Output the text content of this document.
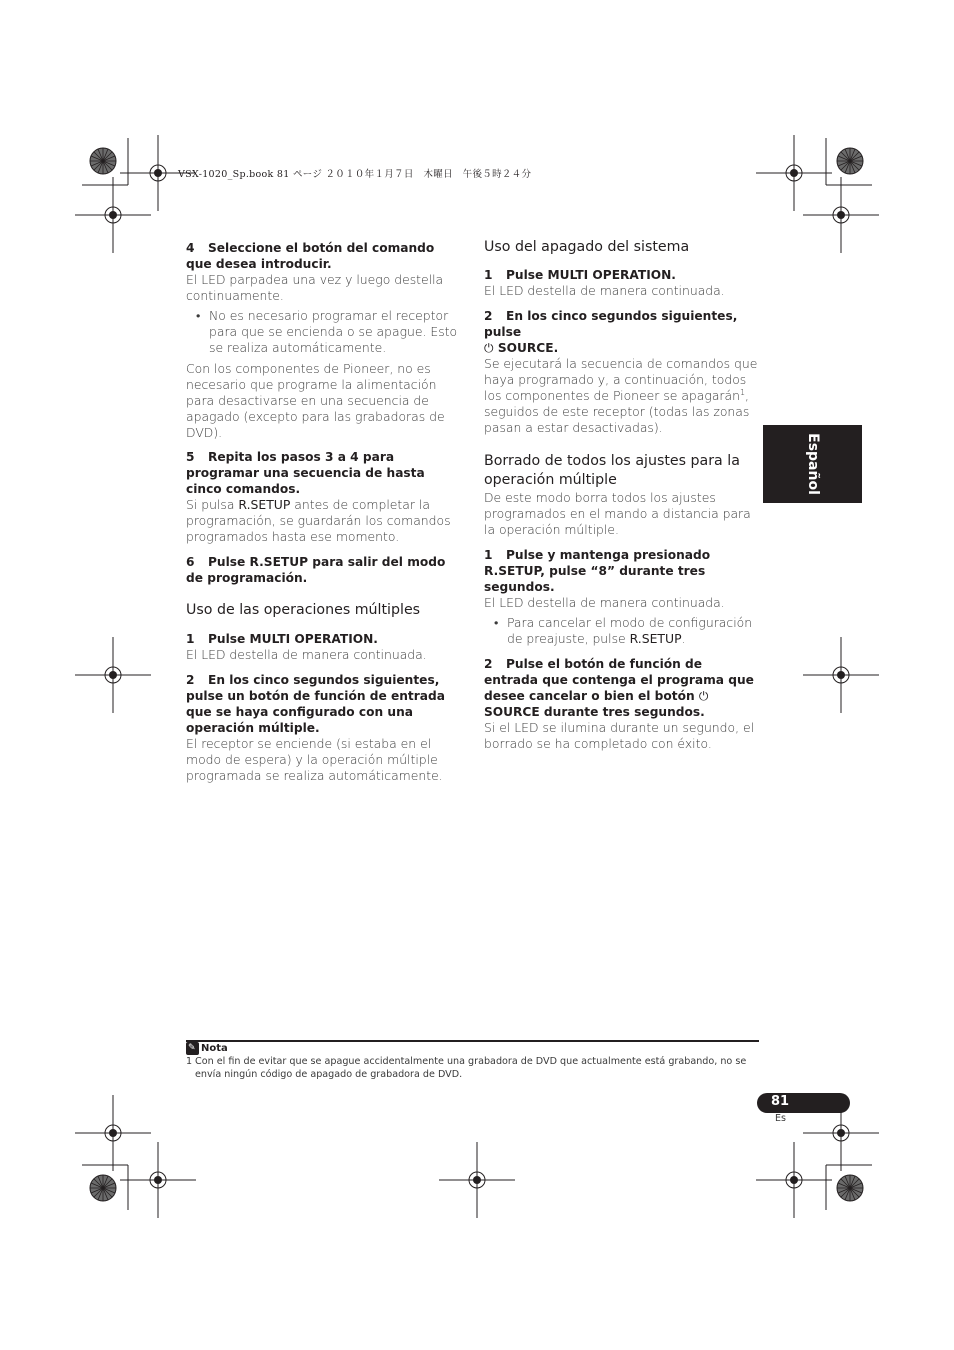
VSX-1020_Sp.book 81 ページ ２０１０年１月７日　木曜日　午後５時２４分

4 Seleccione el botón del comando que desea introducir.

El LED parpadea una vez y luego destella continuamente.

• No es necesario programar el receptor para que se encienda o se apague. Esto se realiza automáticamente.

Con los componentes de Pioneer, no es necesario que programe la alimentación para desactivarse en una secuencia de apagado (excepto para las grabadoras de DVD).

5 Repita los pasos 3 a 4 para programar una secuencia de hasta cinco comandos.

Si pulsa R.SETUP antes de completar la programación, se guardarán los comandos programados hasta ese momento.

6 Pulse R.SETUP para salir del modo de programación.

Uso de las operaciones múltiples

1 Pulse MULTI OPERATION.

El LED destella de manera continuada.

2 En los cinco segundos siguientes, pulse un botón de función de entrada que se haya configurado con una operación múltiple.

El receptor se enciende (si estaba en el modo de espera) y la operación múltiple programada se realiza automáticamente.

Uso del apagado del sistema

1 Pulse MULTI OPERATION.

El LED destella de manera continuada.

2 En los cinco segundos siguientes, pulse
⏻ SOURCE.

Se ejecutará la secuencia de comandos que haya programado y, a continuación, todos los componentes de Pioneer se apagarán$^1$, seguidos de este receptor (todas las zonas pasan a estar desactivadas).

Borrado de todos los ajustes para la operación múltiple

De este modo borra todos los ajustes programados en el mando a distancia para la operación múltiple.

1 Pulse y mantenga presionado R.SETUP, pulse “8” durante tres segundos.

El LED destella de manera continuada.

• Para cancelar el modo de configuración de preajuste, pulse R.SETUP.

2 Pulse el botón de función de entrada que contenga el programa que desee cancelar o bien el botón ⏻ SOURCE durante tres segundos.

Si el LED se ilumina durante un segundo, el borrado se ha completado con éxito.

Español
✎
Nota
1 Con el fin de evitar que se apague accidentalmente una grabadora de DVD que actualmente está grabando, no se envía ningún código de apagado de grabadora de DVD.
81
Es
